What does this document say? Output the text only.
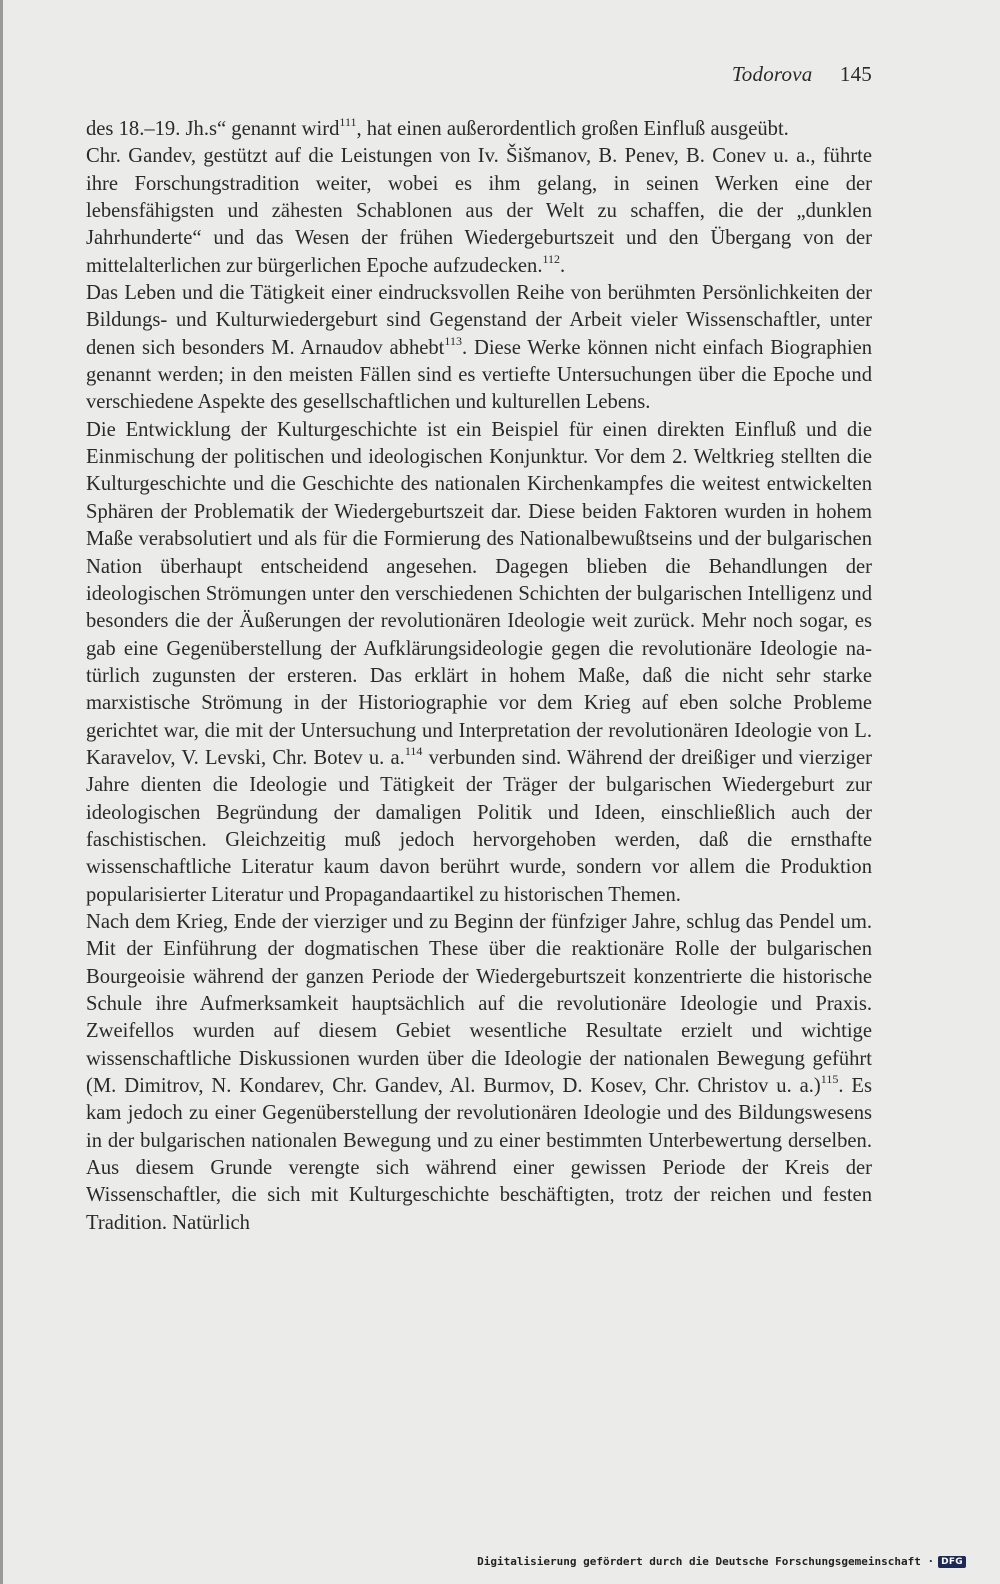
Todorova 145

des 18.–19. Jh.s“ genannt wird$^{111}$, hat einen außerordentlich großen Einfluß ausgeübt.

Chr. Gandev, gestützt auf die Leistungen von Iv. Šišmanov, B. Penev, B. Conev u. a., führte ihre Forschungstradition weiter, wobei es ihm gelang, in seinen Werken eine der lebensfähigsten und zähesten Schablonen aus der Welt zu schaffen, die der „dunklen Jahrhunderte“ und das Wesen der frühen Wiedergeburtszeit und den Übergang von der mittelalterlichen zur bürgerlichen Epoche aufzudecken.$^{112}$.

Das Leben und die Tätigkeit einer eindrucksvollen Reihe von berühmten Persönlichkeiten der Bildungs- und Kulturwiedergeburt sind Gegenstand der Arbeit vieler Wissenschaftler, unter denen sich besonders M. Arnaudov abhebt$^{113}$. Diese Werke können nicht einfach Biographien genannt werden; in den meisten Fällen sind es vertiefte Untersuchungen über die Epoche und verschiedene Aspekte des gesellschaftlichen und kulturellen Lebens.

Die Entwicklung der Kulturgeschichte ist ein Beispiel für einen direkten Einfluß und die Einmischung der politischen und ideologischen Konjunktur. Vor dem 2. Weltkrieg stellten die Kulturgeschichte und die Geschichte des nationalen Kirchenkampfes die weitest entwickelten Sphären der Problematik der Wiedergeburtszeit dar. Diese beiden Faktoren wurden in hohem Maße verabsolutiert und als für die Formierung des Nationalbewußtseins und der bulgarischen Nation überhaupt entscheidend angesehen. Dagegen blieben die Behandlungen der ideologischen Strömungen unter den verschiedenen Schichten der bulgarischen Intelligenz und besonders die der Äußerungen der revolutionären Ideologie weit zurück. Mehr noch sogar, es gab eine Gegenüberstellung der Aufklärungsideologie gegen die revolutionäre Ideologie natürlich zugunsten der ersteren. Das erklärt in hohem Maße, daß die nicht sehr starke marxistische Strömung in der Historiographie vor dem Krieg auf eben solche Probleme gerichtet war, die mit der Untersuchung und Interpretation der revolutionären Ideologie von L. Karavelov, V. Levski, Chr. Botev u. a.$^{114}$ verbunden sind. Während der dreißiger und vierziger Jahre dienten die Ideologie und Tätigkeit der Träger der bulgarischen Wiedergeburt zur ideologischen Begründung der damaligen Politik und Ideen, einschließlich auch der faschistischen. Gleichzeitig muß jedoch hervorgehoben werden, daß die ernsthafte wissenschaftliche Literatur kaum davon berührt wurde, sondern vor allem die Produktion popularisierter Literatur und Propagandaartikel zu historischen Themen.

Nach dem Krieg, Ende der vierziger und zu Beginn der fünfziger Jahre, schlug das Pendel um. Mit der Einführung der dogmatischen These über die reaktionäre Rolle der bulgarischen Bourgeoisie während der ganzen Periode der Wiedergeburtszeit konzentrierte die historische Schule ihre Aufmerksamkeit hauptsächlich auf die revolutionäre Ideologie und Praxis. Zweifellos wurden auf diesem Gebiet wesentliche Resultate erzielt und wichtige wissenschaftliche Diskussionen wurden über die Ideologie der nationalen Bewegung geführt (M. Dimitrov, N. Kondarev, Chr. Gandev, Al. Burmov, D. Kosev, Chr. Christov u. a.)$^{115}$. Es kam jedoch zu einer Gegenüberstellung der revolutionären Ideologie und des Bildungswesens in der bulgarischen nationalen Bewegung und zu einer bestimmten Unterbewertung derselben. Aus diesem Grunde verengte sich während einer gewissen Periode der Kreis der Wissenschaftler, die sich mit Kulturgeschichte beschäftigten, trotz der reichen und festen Tradition. Natürlich

Digitalisierung gefördert durch die Deutsche Forschungsgemeinschaft · DFG
